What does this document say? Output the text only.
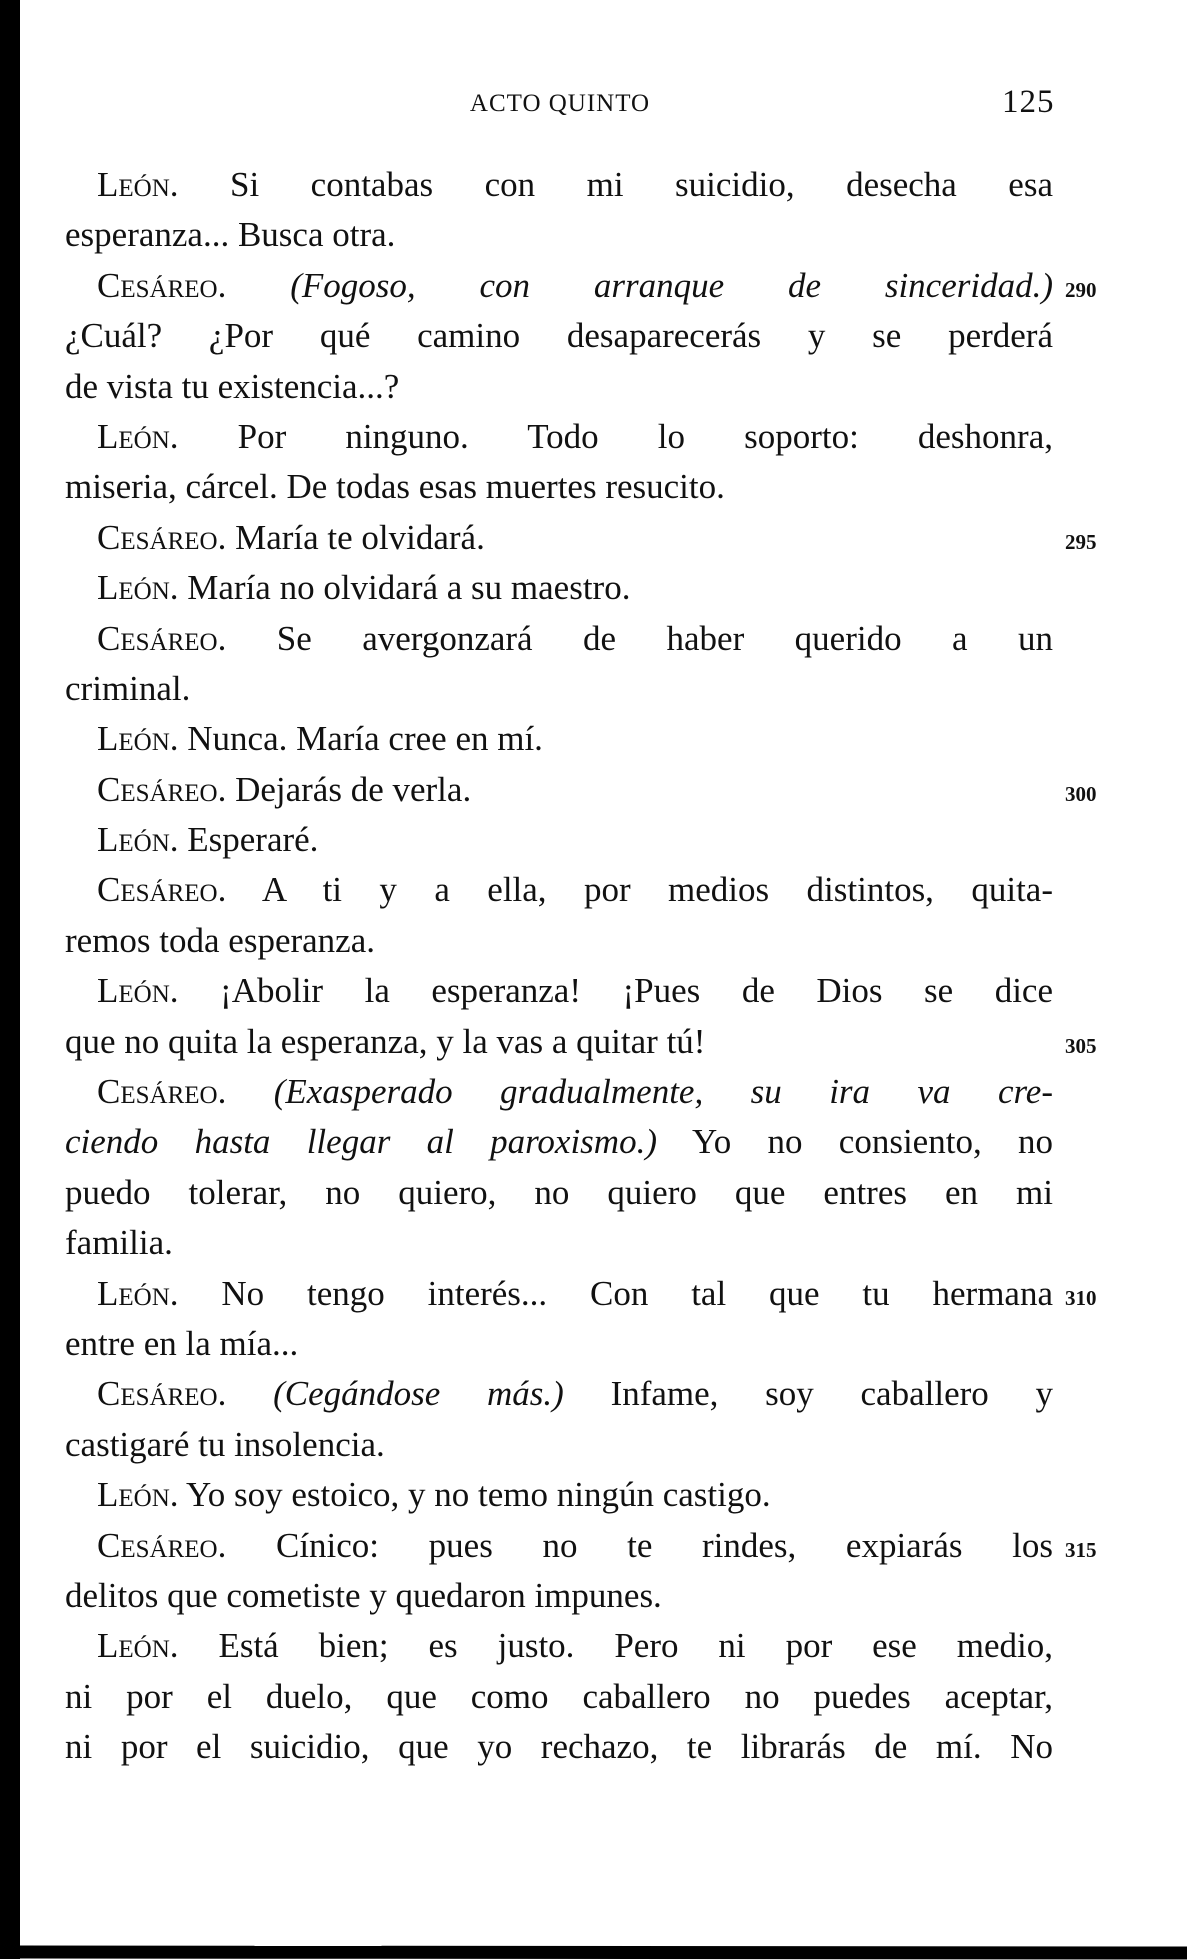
ACTO QUINTO	125
León. Si contabas con mi suicidio, desecha esa
esperanza... Busca otra.
Cesáreo. (Fogoso, con arranque de sinceridad.) 290
¿Cuál? ¿Por qué camino desaparecerás y se perderá
de vista tu existencia...?
León. Por ninguno. Todo lo soporto: deshonra,
miseria, cárcel. De todas esas muertes resucito.
Cesáreo. María te olvidará.	295
León. María no olvidará a su maestro.
Cesáreo. Se avergonzará de haber querido a un
criminal.
León. Nunca. María cree en mí.
Cesáreo. Dejarás de verla.	300
León. Esperaré.
Cesáreo. A ti y a ella, por medios distintos, quita-
remos toda esperanza.
León. ¡Abolir la esperanza! ¡Pues de Dios se dice
que no quita la esperanza, y la vas a quitar tú!	305
Cesáreo. (Exasperado gradualmente, su ira va cre-
ciendo hasta llegar al paroxismo.) Yo no consiento, no
puedo tolerar, no quiero, no quiero que entres en mi
familia.
León. No tengo interés... Con tal que tu hermana 310
entre en la mía...
Cesáreo. (Cegándose más.) Infame, soy caballero y
castigaré tu insolencia.
León. Yo soy estoico, y no temo ningún castigo.
Cesáreo. Cínico: pues no te rindes, expiarás los 315
delitos que cometiste y quedaron impunes.
León. Está bien; es justo. Pero ni por ese medio,
ni por el duelo, que como caballero no puedes aceptar,
ni por el suicidio, que yo rechazo, te librarás de mí. No
